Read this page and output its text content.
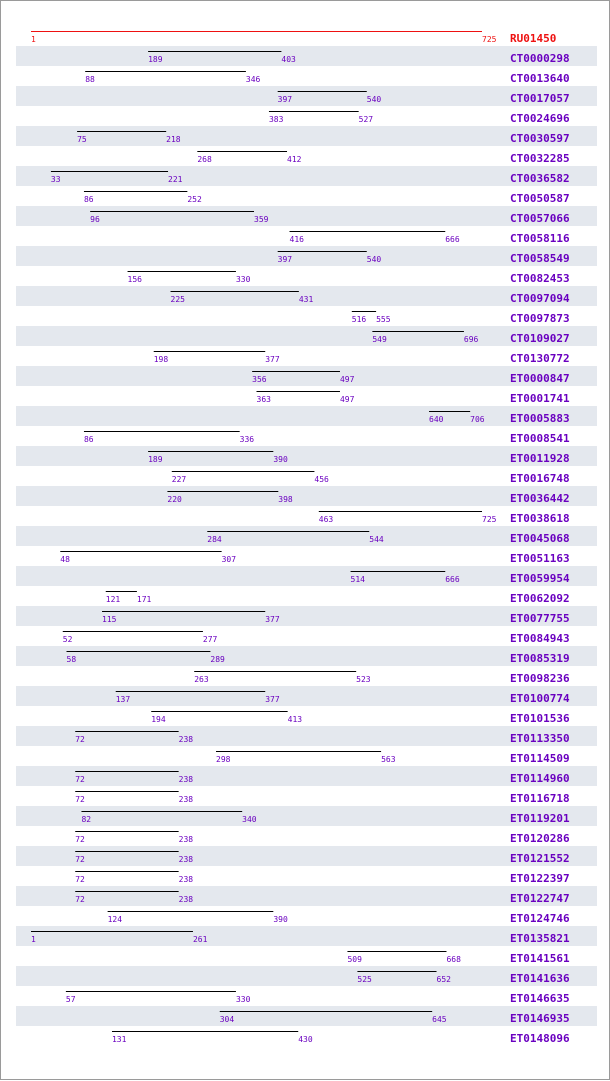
1	725 RU01450
189	403	CT0000298
88	346	CT0013640
397	540	CT0017057
383	527	CT0024696
75	218	CT0030597
268	412	CT0032285
33	221	CT0036582
86	252	CT0050587
96	359	CT0057066
416	666	CT0058116
397	540	CT0058549
156	330	CT0082453
225	431	CT0097094
516 555	CT0097873
549	696	CT0109027
198	377	CT0130772
356	497	ET0000847
363	497	ET0001741
640	706 ET0005883
86	336	ET0008541
189	390	ET0011928
227	456	ET0016748
220	398	ET0036442
463	725 ET0038618
284	544	ET0045068
48	307	ET0051163
514	666	ET0059954
121 171	ET0062092
115	377	ET0077755
52	277	ET0084943
58	289	ET0085319
263	523	ET0098236
137	377	ET0100774
194	413	ET0101536
72	238	ET0113350
298	563	ET0114509
72	238	ET0114960
72	238	ET0116718
82	340	ET0119201
72	238	ET0120286
72	238	ET0121552
72	238	ET0122397
72	238	ET0122747
124	390	ET0124746
1	261	ET0135821
509	668	ET0141561
525	652	ET0141636
57	330	ET0146635
304	645	ET0146935
131	430	ET0148096
